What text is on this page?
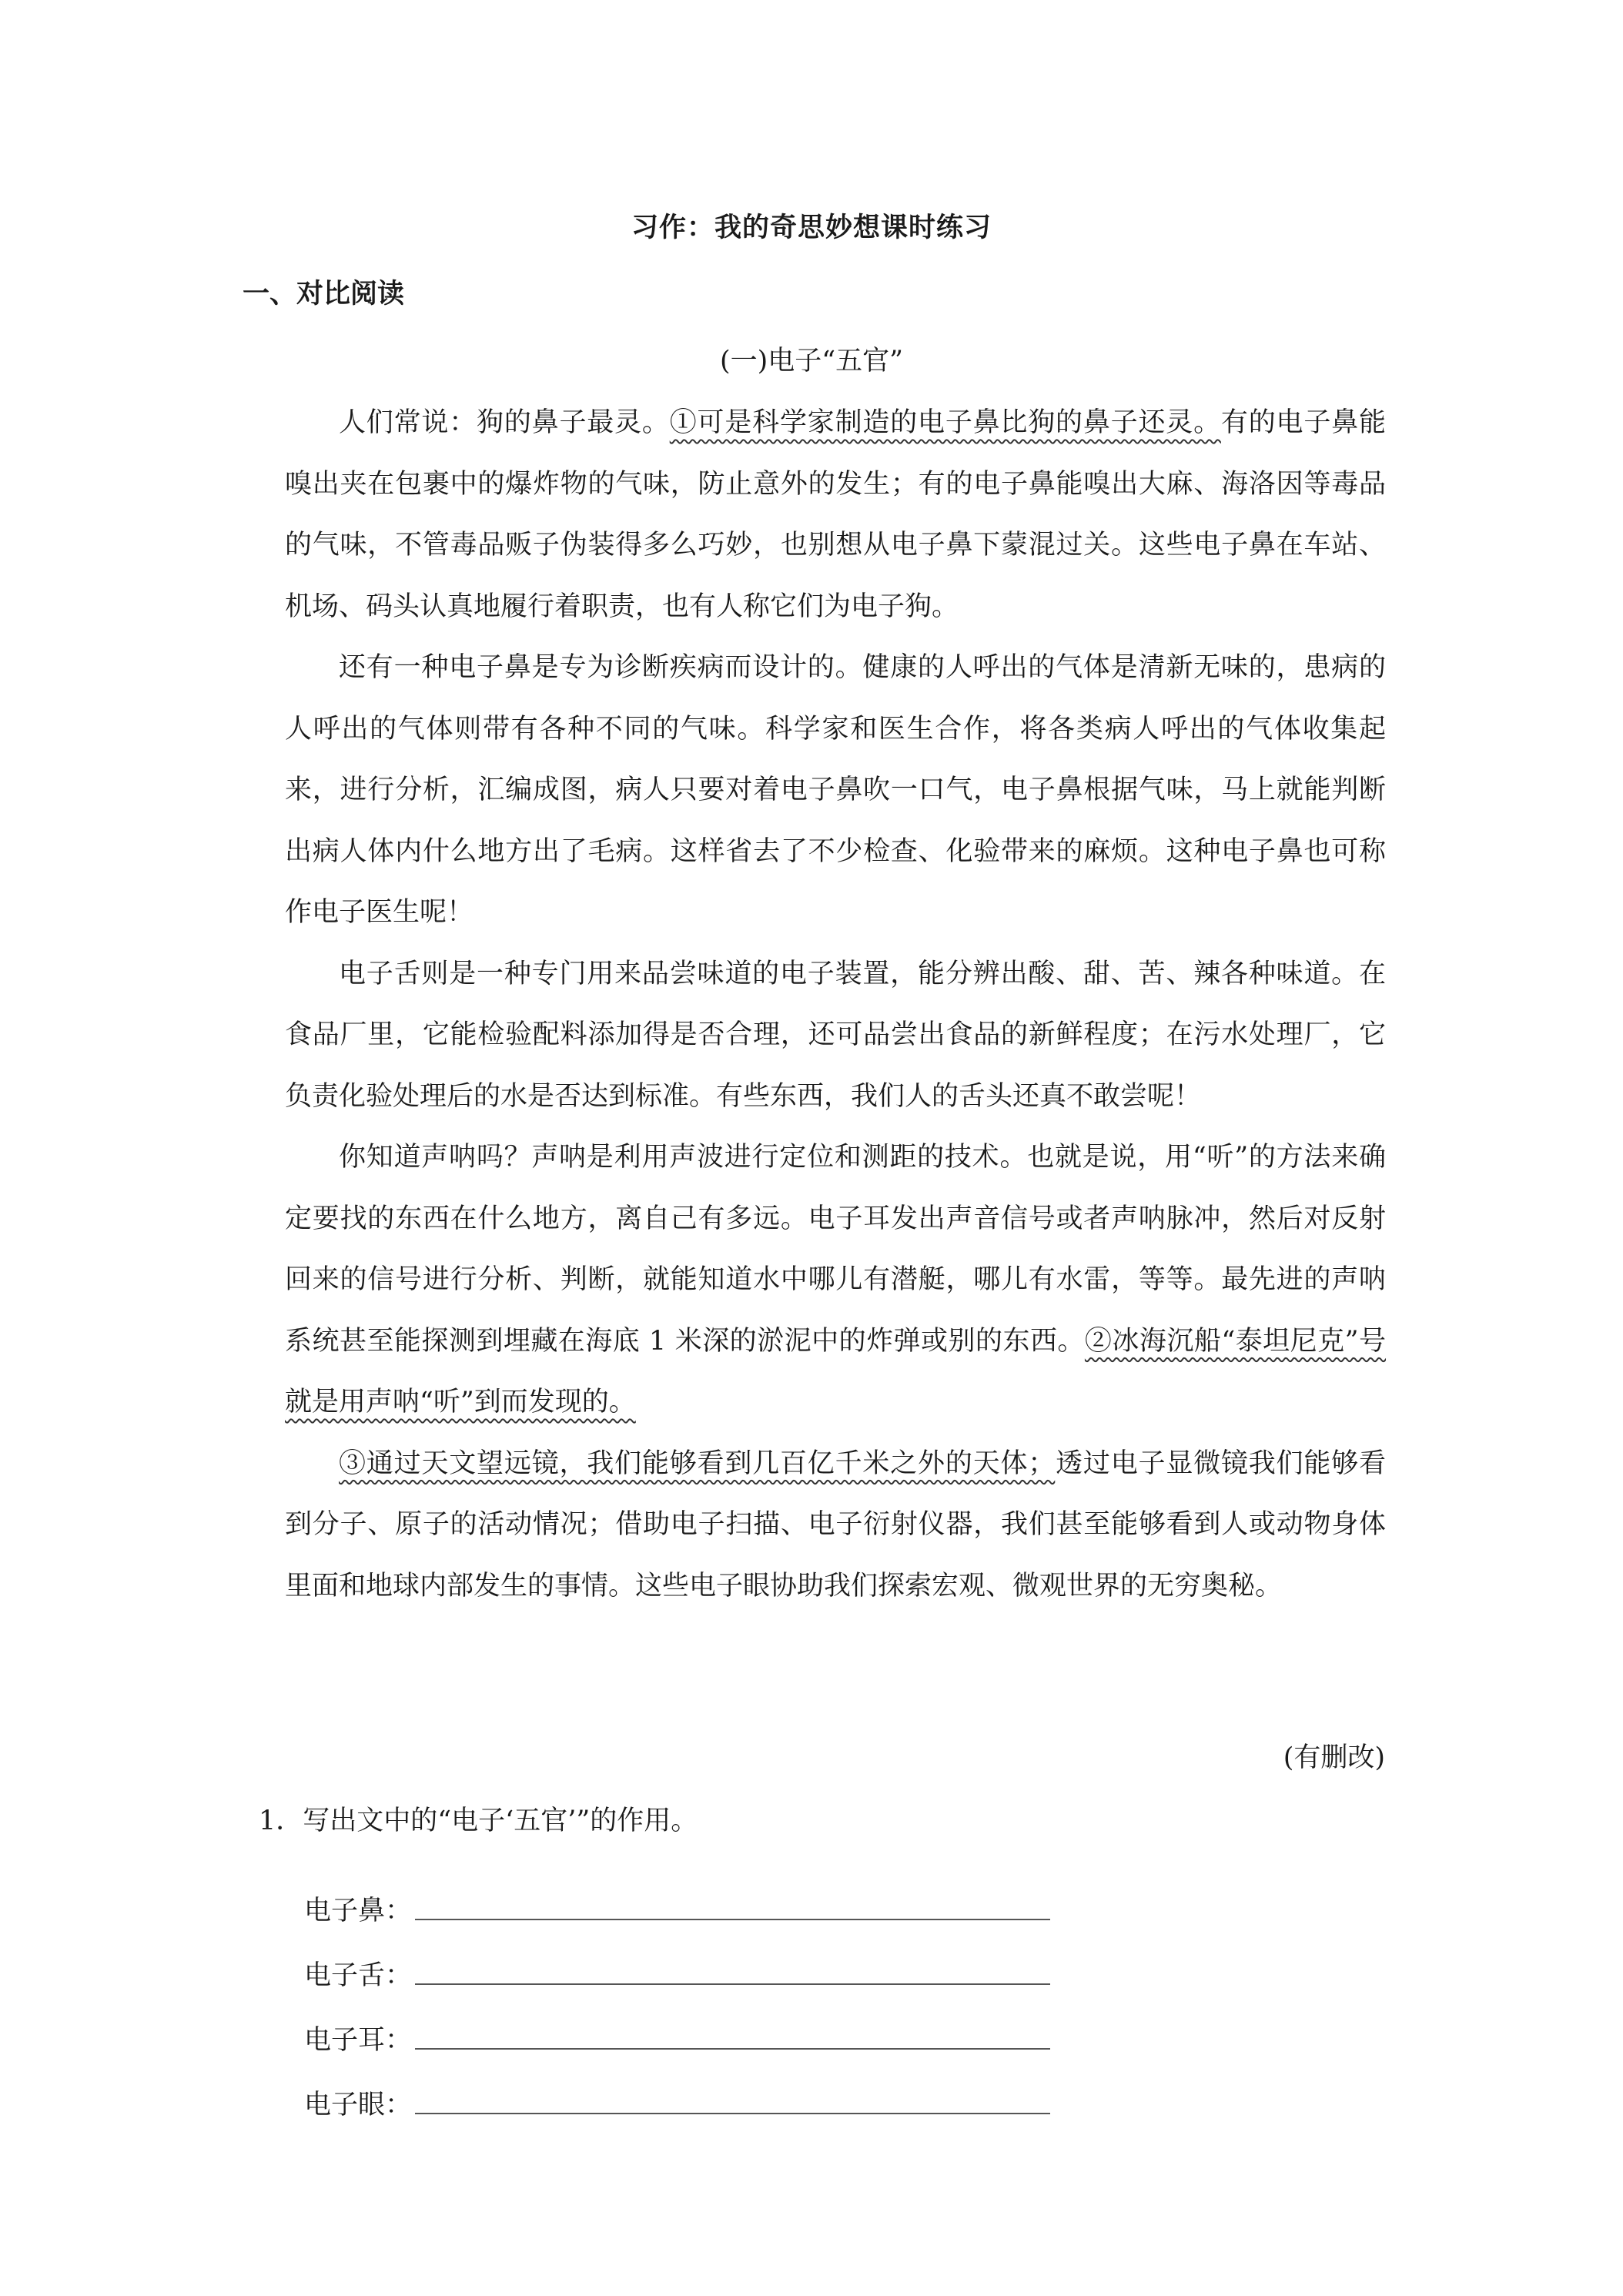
习作：我的奇思妙想课时练习
一、对比阅读
(一)电子“五官”

人们常说：狗的鼻子最灵。①可是科学家制造的电子鼻比狗的鼻子还灵。有的电子鼻能嗅出夹在包裹中的爆炸物的气味，防止意外的发生；有的电子鼻能嗅出大麻、海洛因等毒品的气味，不管毒品贩子伪装得多么巧妙，也别想从电子鼻下蒙混过关。这些电子鼻在车站、机场、码头认真地履行着职责，也有人称它们为电子狗。

还有一种电子鼻是专为诊断疾病而设计的。健康的人呼出的气体是清新无味的，患病的人呼出的气体则带有各种不同的气味。科学家和医生合作，将各类病人呼出的气体收集起来，进行分析，汇编成图，病人只要对着电子鼻吹一口气，电子鼻根据气味，马上就能判断出病人体内什么地方出了毛病。这样省去了不少检查、化验带来的麻烦。这种电子鼻也可称作电子医生呢！

电子舌则是一种专门用来品尝味道的电子装置，能分辨出酸、甜、苦、辣各种味道。在食品厂里，它能检验配料添加得是否合理，还可品尝出食品的新鲜程度；在污水处理厂，它负责化验处理后的水是否达到标准。有些东西，我们人的舌头还真不敢尝呢！

你知道声呐吗？声呐是利用声波进行定位和测距的技术。也就是说，用“听”的方法来确定要找的东西在什么地方，离自己有多远。电子耳发出声音信号或者声呐脉冲，然后对反射回来的信号进行分析、判断，就能知道水中哪儿有潜艇，哪儿有水雷，等等。最先进的声呐系统甚至能探测到埋藏在海底 1 米深的淤泥中的炸弹或别的东西。②冰海沉船“泰坦尼克”号就是用声呐“听”到而发现的。

③通过天文望远镜，我们能够看到几百亿千米之外的天体；透过电子显微镜我们能够看到分子、原子的活动情况；借助电子扫描、电子衍射仪器，我们甚至能够看到人或动物身体里面和地球内部发生的事情。这些电子眼协助我们探索宏观、微观世界的无穷奥秘。

(有删改)
1．写出文中的“电子‘五官’”的作用。
电子鼻：
电子舌：
电子耳：
电子眼：
